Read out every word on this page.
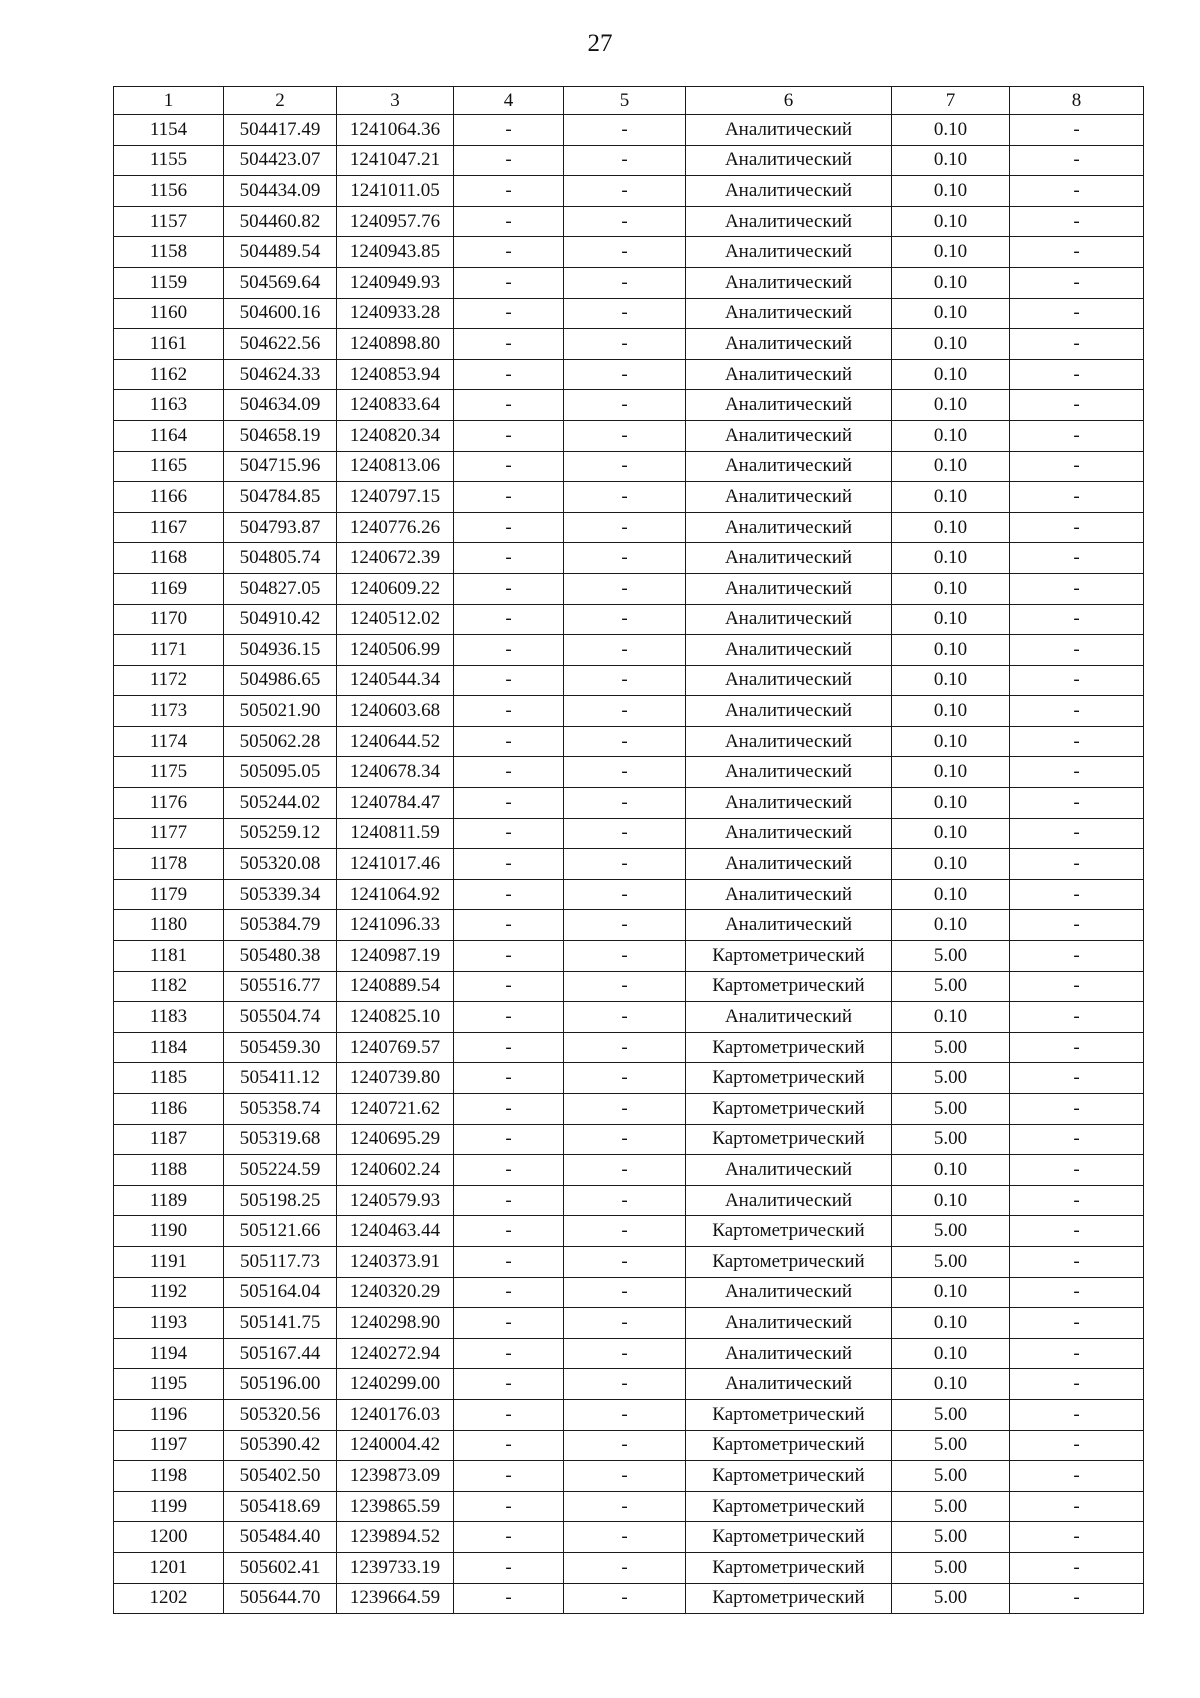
27
1	2	3	4	5	6	7	8
1154	504417.49	1241064.36	-	-	Аналитический	0.10	-
1155	504423.07	1241047.21	-	-	Аналитический	0.10	-
1156	504434.09	1241011.05	-	-	Аналитический	0.10	-
1157	504460.82	1240957.76	-	-	Аналитический	0.10	-
1158	504489.54	1240943.85	-	-	Аналитический	0.10	-
1159	504569.64	1240949.93	-	-	Аналитический	0.10	-
1160	504600.16	1240933.28	-	-	Аналитический	0.10	-
1161	504622.56	1240898.80	-	-	Аналитический	0.10	-
1162	504624.33	1240853.94	-	-	Аналитический	0.10	-
1163	504634.09	1240833.64	-	-	Аналитический	0.10	-
1164	504658.19	1240820.34	-	-	Аналитический	0.10	-
1165	504715.96	1240813.06	-	-	Аналитический	0.10	-
1166	504784.85	1240797.15	-	-	Аналитический	0.10	-
1167	504793.87	1240776.26	-	-	Аналитический	0.10	-
1168	504805.74	1240672.39	-	-	Аналитический	0.10	-
1169	504827.05	1240609.22	-	-	Аналитический	0.10	-
1170	504910.42	1240512.02	-	-	Аналитический	0.10	-
1171	504936.15	1240506.99	-	-	Аналитический	0.10	-
1172	504986.65	1240544.34	-	-	Аналитический	0.10	-
1173	505021.90	1240603.68	-	-	Аналитический	0.10	-
1174	505062.28	1240644.52	-	-	Аналитический	0.10	-
1175	505095.05	1240678.34	-	-	Аналитический	0.10	-
1176	505244.02	1240784.47	-	-	Аналитический	0.10	-
1177	505259.12	1240811.59	-	-	Аналитический	0.10	-
1178	505320.08	1241017.46	-	-	Аналитический	0.10	-
1179	505339.34	1241064.92	-	-	Аналитический	0.10	-
1180	505384.79	1241096.33	-	-	Аналитический	0.10	-
1181	505480.38	1240987.19	-	-	Картометрический	5.00	-
1182	505516.77	1240889.54	-	-	Картометрический	5.00	-
1183	505504.74	1240825.10	-	-	Аналитический	0.10	-
1184	505459.30	1240769.57	-	-	Картометрический	5.00	-
1185	505411.12	1240739.80	-	-	Картометрический	5.00	-
1186	505358.74	1240721.62	-	-	Картометрический	5.00	-
1187	505319.68	1240695.29	-	-	Картометрический	5.00	-
1188	505224.59	1240602.24	-	-	Аналитический	0.10	-
1189	505198.25	1240579.93	-	-	Аналитический	0.10	-
1190	505121.66	1240463.44	-	-	Картометрический	5.00	-
1191	505117.73	1240373.91	-	-	Картометрический	5.00	-
1192	505164.04	1240320.29	-	-	Аналитический	0.10	-
1193	505141.75	1240298.90	-	-	Аналитический	0.10	-
1194	505167.44	1240272.94	-	-	Аналитический	0.10	-
1195	505196.00	1240299.00	-	-	Аналитический	0.10	-
1196	505320.56	1240176.03	-	-	Картометрический	5.00	-
1197	505390.42	1240004.42	-	-	Картометрический	5.00	-
1198	505402.50	1239873.09	-	-	Картометрический	5.00	-
1199	505418.69	1239865.59	-	-	Картометрический	5.00	-
1200	505484.40	1239894.52	-	-	Картометрический	5.00	-
1201	505602.41	1239733.19	-	-	Картометрический	5.00	-
1202	505644.70	1239664.59	-	-	Картометрический	5.00	-
